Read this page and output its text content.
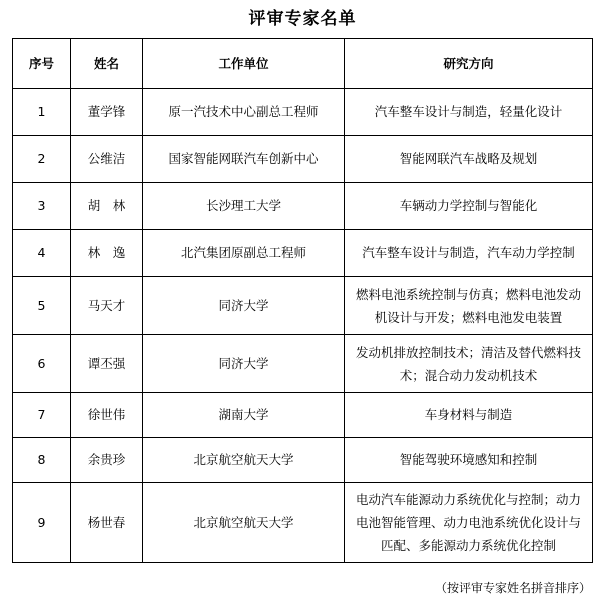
评审专家名单
序号	姓名	工作单位	研究方向
1	董学锋	原一汽技术中心副总工程师	汽车整车设计与制造，轻量化设计
2	公维洁	国家智能网联汽车创新中心	智能网联汽车战略及规划
3	胡　林	长沙理工大学	车辆动力学控制与智能化
4	林　逸	北汽集团原副总工程师	汽车整车设计与制造，汽车动力学控制
5	马天才	同济大学	燃料电池系统控制与仿真；燃料电池发动机设计与开发；燃料电池发电装置
6	谭丕强	同济大学	发动机排放控制技术；清洁及替代燃料技术；混合动力发动机技术
7	徐世伟	湖南大学	车身材料与制造
8	余贵珍	北京航空航天大学	智能驾驶环境感知和控制
9	杨世春	北京航空航天大学	电动汽车能源动力系统优化与控制；动力电池智能管理、动力电池系统优化设计与匹配、多能源动力系统优化控制
（按评审专家姓名拼音排序）
